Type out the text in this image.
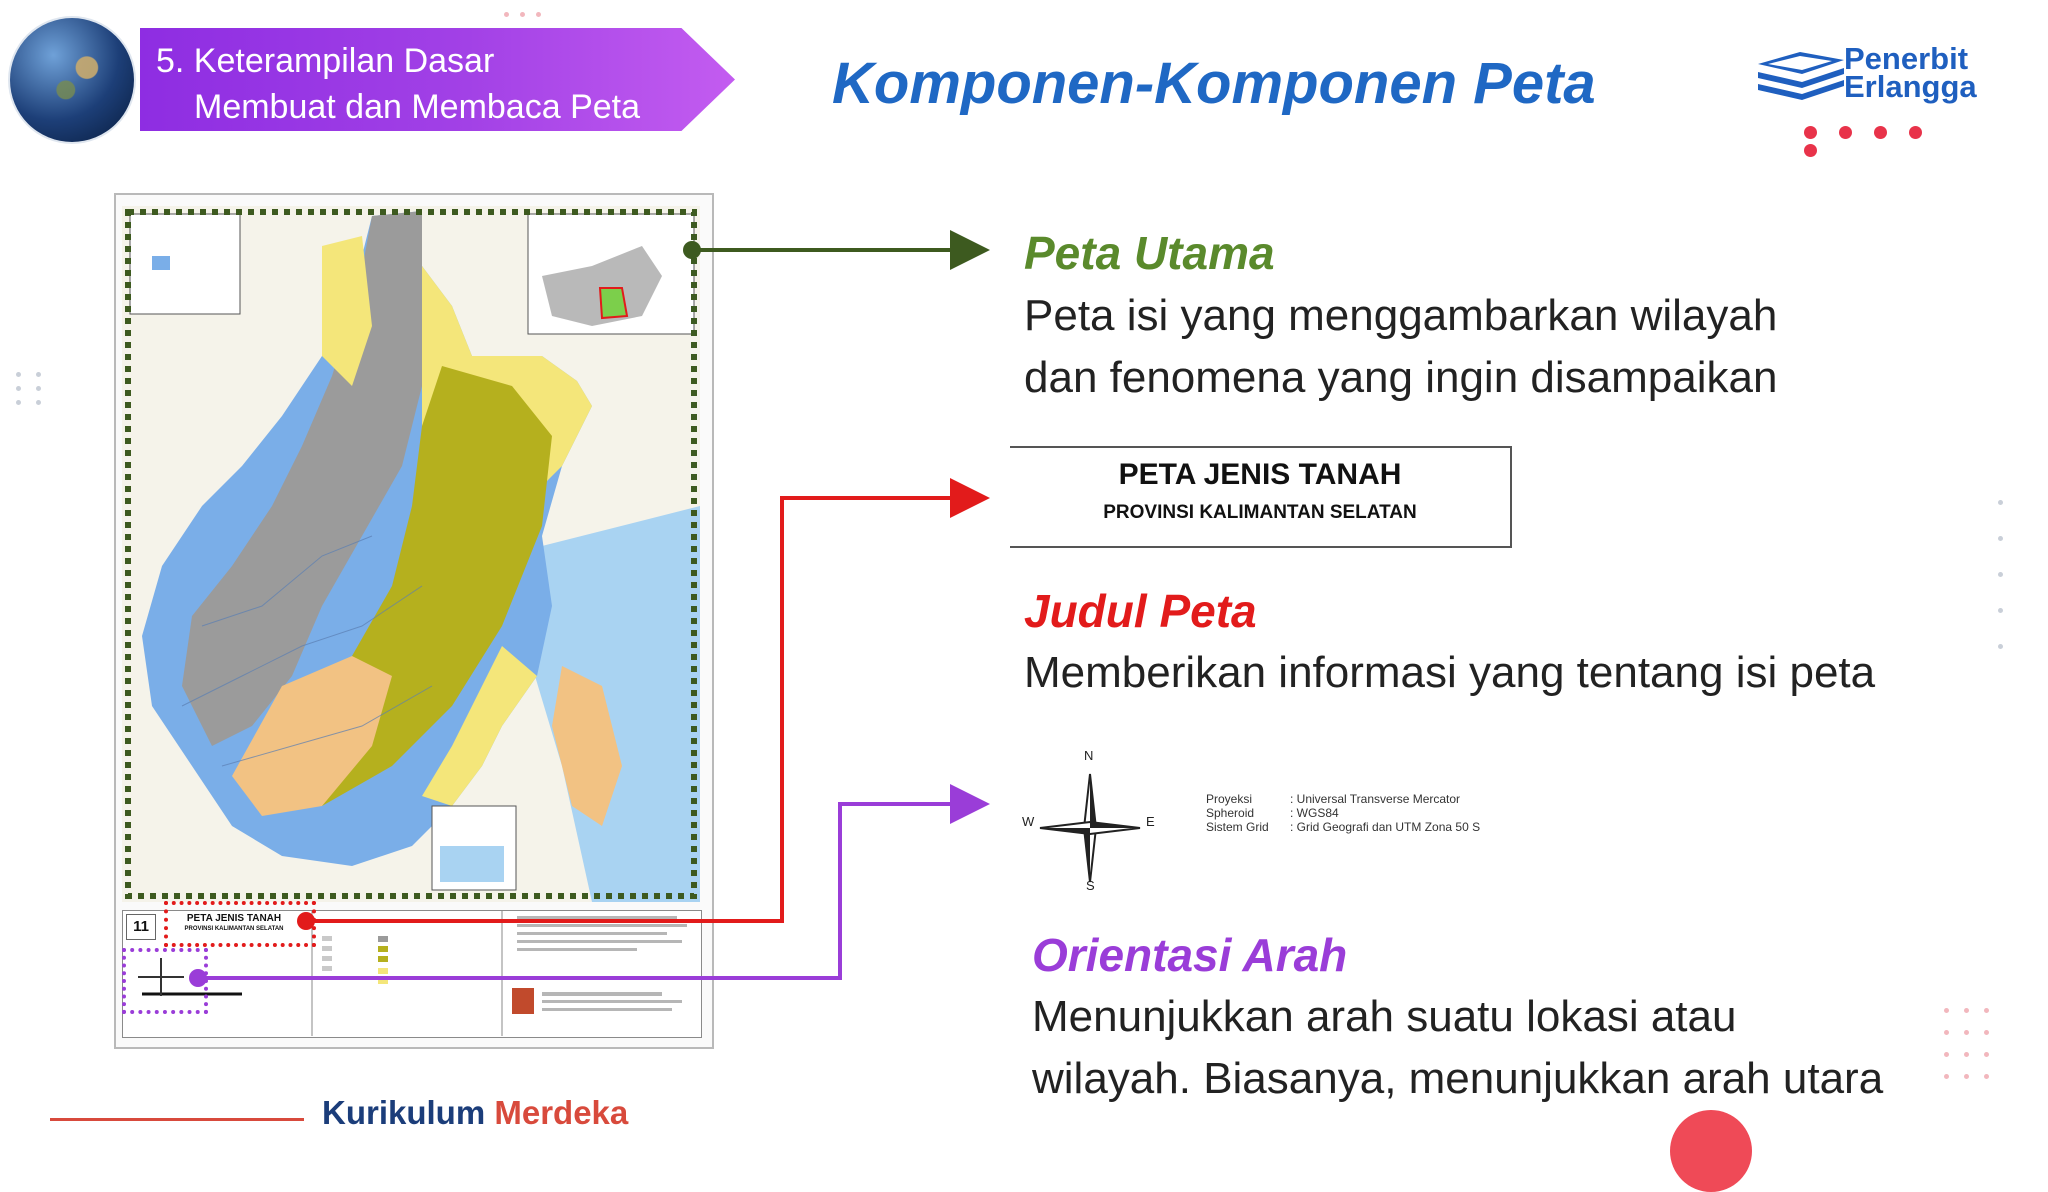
5. Keterampilan Dasar
Membuat dan Membaca Peta	Komponen-Komponen Peta	Penerbit
Erlangga
11	PETA JENIS TANAH
PROVINSI KALIMANTAN SELATAN
Peta Utama
Peta isi yang menggambarkan wilayah
dan fenomena yang ingin disampaikan
PETA JENIS TANAH
PROVINSI KALIMANTAN SELATAN
Judul Peta
Memberikan informasi yang tentang isi peta
N
S
W	E
Proyeksi	: Universal Transverse Mercator
Spheroid	: WGS84
Sistem Grid : Grid Geografi dan UTM Zona 50 S
Orientasi Arah
Menunjukkan arah suatu lokasi atau
wilayah. Biasanya, menunjukkan arah utara
Kurikulum Merdeka
